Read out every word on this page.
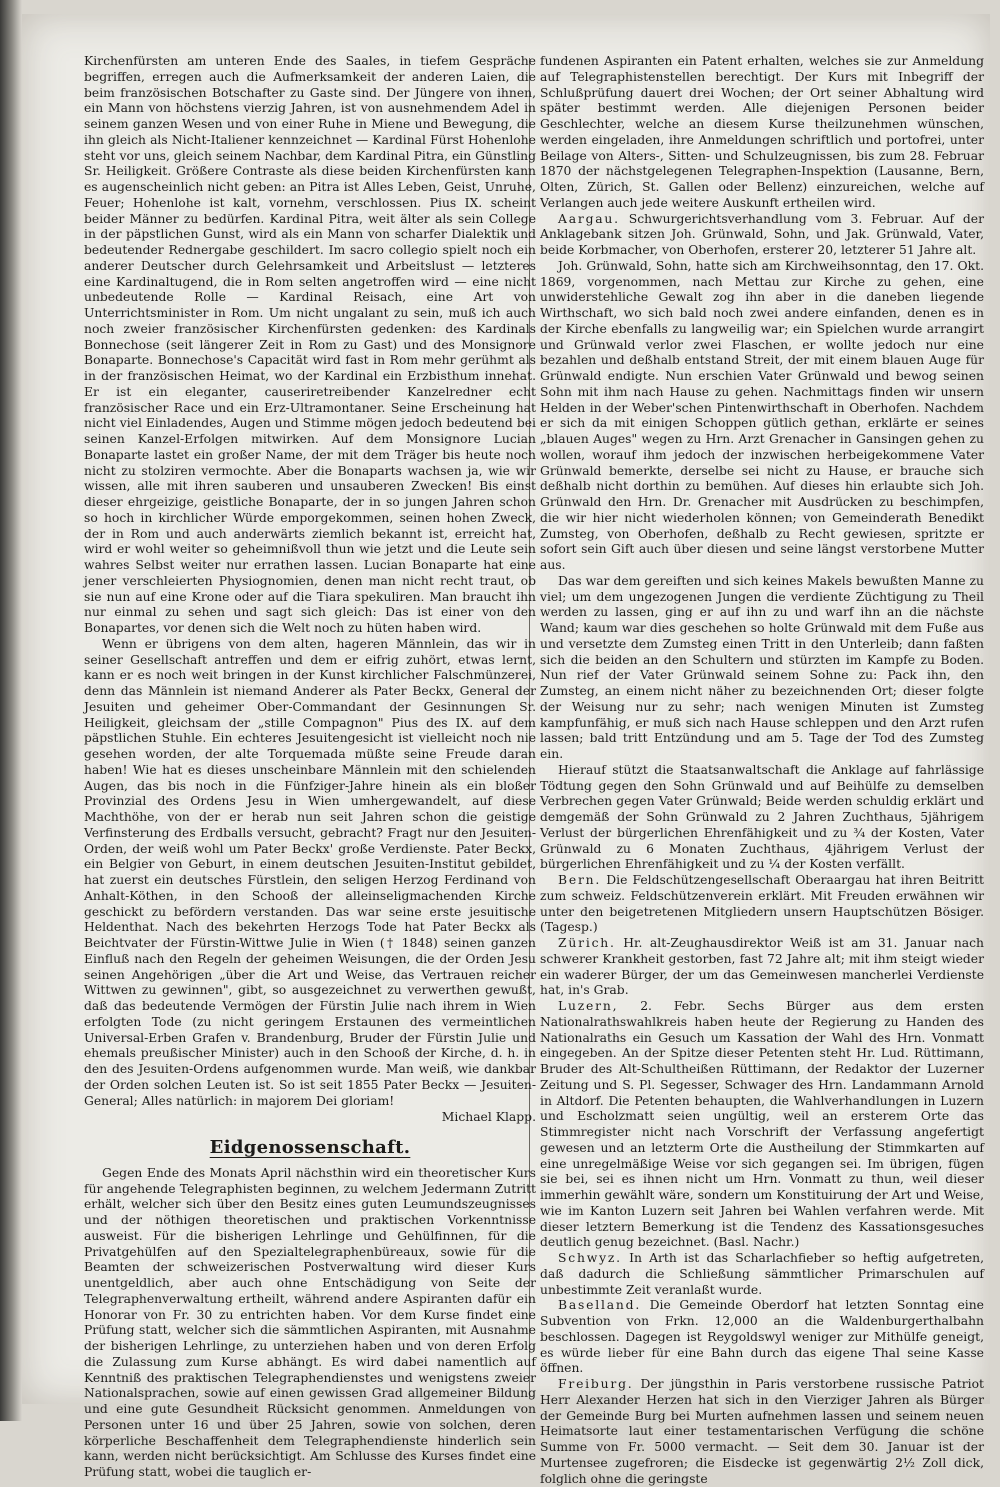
Kirchenfürsten am unteren Ende des Saales, in tiefem Gespräche begriffen, erregen auch die Aufmerksamkeit der anderen Laien, die beim französischen Botschafter zu Gaste sind. Der Jüngere von ihnen, ein Mann von höchstens vierzig Jahren, ist von ausnehmendem Adel in seinem ganzen Wesen und von einer Ruhe in Miene und Bewegung, die ihn gleich als Nicht-Italiener kennzeichnet — Kardinal Fürst Hohenlohe steht vor uns, gleich seinem Nachbar, dem Kardinal Pitra, ein Günstling Sr. Heiligkeit. Größere Contraste als diese beiden Kirchenfürsten kann es augenscheinlich nicht geben: an Pitra ist Alles Leben, Geist, Unruhe, Feuer; Hohenlohe ist kalt, vornehm, verschlossen. Pius IX. scheint beider Männer zu bedürfen. Kardinal Pitra, weit älter als sein College in der päpstlichen Gunst, wird als ein Mann von scharfer Dialektik und bedeutender Rednergabe geschildert. Im sacro collegio spielt noch ein anderer Deutscher durch Gelehrsamkeit und Arbeitslust — letzteres eine Kardinaltugend, die in Rom selten angetroffen wird — eine nicht unbedeutende Rolle — Kardinal Reisach, eine Art von Unterrichtsminister in Rom. Um nicht ungalant zu sein, muß ich auch noch zweier französischer Kirchenfürsten gedenken: des Kardinals Bonnechose (seit längerer Zeit in Rom zu Gast) und des Monsignore Bonaparte. Bonnechose's Capacität wird fast in Rom mehr gerühmt als in der französischen Heimat, wo der Kardinal ein Erzbisthum innehat. Er ist ein eleganter, causeriretreibender Kanzelredner echt französischer Race und ein Erz-Ultramontaner. Seine Erscheinung hat nicht viel Einladendes, Augen und Stimme mögen jedoch bedeutend bei seinen Kanzel-Erfolgen mitwirken. Auf dem Monsignore Lucian Bonaparte lastet ein großer Name, der mit dem Träger bis heute noch nicht zu stolziren vermochte. Aber die Bonaparts wachsen ja, wie wir wissen, alle mit ihren sauberen und unsauberen Zwecken! Bis einst dieser ehrgeizige, geistliche Bonaparte, der in so jungen Jahren schon so hoch in kirchlicher Würde emporgekommen, seinen hohen Zweck, der in Rom und auch anderwärts ziemlich bekannt ist, erreicht hat, wird er wohl weiter so geheimnißvoll thun wie jetzt und die Leute sein wahres Selbst weiter nur errathen lassen. Lucian Bonaparte hat eine jener verschleierten Physiognomien, denen man nicht recht traut, ob sie nun auf eine Krone oder auf die Tiara spekuliren. Man braucht ihn nur einmal zu sehen und sagt sich gleich: Das ist einer von den Bonapartes, vor denen sich die Welt noch zu hüten haben wird.

Wenn er übrigens von dem alten, hageren Männlein, das wir in seiner Gesellschaft antreffen und dem er eifrig zuhört, etwas lernt, kann er es noch weit bringen in der Kunst kirchlicher Falschmünzerei, denn das Männlein ist niemand Anderer als Pater Beckx, General der Jesuiten und geheimer Ober-Commandant der Gesinnungen Sr. Heiligkeit, gleichsam der „stille Compagnon" Pius des IX. auf dem päpstlichen Stuhle. Ein echteres Jesuitengesicht ist vielleicht noch nie gesehen worden, der alte Torquemada müßte seine Freude daran haben! Wie hat es dieses unscheinbare Männlein mit den schielenden Augen, das bis noch in die Fünfziger-Jahre hinein als ein bloßer Provinzial des Ordens Jesu in Wien umhergewandelt, auf diese Machthöhe, von der er herab nun seit Jahren schon die geistige Verfinsterung des Erdballs versucht, gebracht? Fragt nur den Jesuiten-Orden, der weiß wohl um Pater Beckx' große Verdienste. Pater Beckx, ein Belgier von Geburt, in einem deutschen Jesuiten-Institut gebildet, hat zuerst ein deutsches Fürstlein, den seligen Herzog Ferdinand von Anhalt-Köthen, in den Schooß der alleinseligmachenden Kirche geschickt zu befördern verstanden. Das war seine erste jesuitische Heldenthat. Nach des bekehrten Herzogs Tode hat Pater Beckx als Beichtvater der Fürstin-Wittwe Julie in Wien († 1848) seinen ganzen Einfluß nach den Regeln der geheimen Weisungen, die der Orden Jesu seinen Angehörigen „über die Art und Weise, das Vertrauen reicher Wittwen zu gewinnen", gibt, so ausgezeichnet zu verwerthen gewußt, daß das bedeutende Vermögen der Fürstin Julie nach ihrem in Wien erfolgten Tode (zu nicht geringem Erstaunen des vermeintlichen Universal-Erben Grafen v. Brandenburg, Bruder der Fürstin Julie und ehemals preußischer Minister) auch in den Schooß der Kirche, d. h. in den des Jesuiten-Ordens aufgenommen wurde. Man weiß, wie dankbar der Orden solchen Leuten ist. So ist seit 1855 Pater Beckx — Jesuiten-General; Alles natürlich: in majorem Dei gloriam!

Michael Klapp.

Eidgenossenschaft.

Gegen Ende des Monats April nächsthin wird ein theoretischer Kurs für angehende Telegraphisten beginnen, zu welchem Jedermann Zutritt erhält, welcher sich über den Besitz eines guten Leumundszeugnisses und der nöthigen theoretischen und praktischen Vorkenntnisse ausweist. Für die bisherigen Lehrlinge und Gehülfinnen, für die Privatgehülfen auf den Spezialtelegraphenbüreaux, sowie für die Beamten der schweizerischen Postverwaltung wird dieser Kurs unentgeldlich, aber auch ohne Entschädigung von Seite der Telegraphenverwaltung ertheilt, während andere Aspiranten dafür ein Honorar von Fr. 30 zu entrichten haben. Vor dem Kurse findet eine Prüfung statt, welcher sich die sämmtlichen Aspiranten, mit Ausnahme der bisherigen Lehrlinge, zu unterziehen haben und von deren Erfolg die Zulassung zum Kurse abhängt. Es wird dabei namentlich auf Kenntniß des praktischen Telegraphendienstes und wenigstens zweier Nationalsprachen, sowie auf einen gewissen Grad allgemeiner Bildung und eine gute Gesundheit Rücksicht genommen. Anmeldungen von Personen unter 16 und über 25 Jahren, sowie von solchen, deren körperliche Beschaffenheit dem Telegraphendienste hinderlich sein kann, werden nicht berücksichtigt. Am Schlusse des Kurses findet eine Prüfung statt, wobei die tauglich er-

fundenen Aspiranten ein Patent erhalten, welches sie zur Anmeldung auf Telegraphistenstellen berechtigt. Der Kurs mit Inbegriff der Schlußprüfung dauert drei Wochen; der Ort seiner Abhaltung wird später bestimmt werden. Alle diejenigen Personen beider Geschlechter, welche an diesem Kurse theilzunehmen wünschen, werden eingeladen, ihre Anmeldungen schriftlich und portofrei, unter Beilage von Alters-, Sitten- und Schulzeugnissen, bis zum 28. Februar 1870 der nächstgelegenen Telegraphen-Inspektion (Lausanne, Bern, Olten, Zürich, St. Gallen oder Bellenz) einzureichen, welche auf Verlangen auch jede weitere Auskunft ertheilen wird.

Aargau. Schwurgerichtsverhandlung vom 3. Februar. Auf der Anklagebank sitzen Joh. Grünwald, Sohn, und Jak. Grünwald, Vater, beide Korbmacher, von Oberhofen, ersterer 20, letzterer 51 Jahre alt.

Joh. Grünwald, Sohn, hatte sich am Kirchweihsonntag, den 17. Okt. 1869, vorgenommen, nach Mettau zur Kirche zu gehen, eine unwiderstehliche Gewalt zog ihn aber in die daneben liegende Wirthschaft, wo sich bald noch zwei andere einfanden, denen es in der Kirche ebenfalls zu langweilig war; ein Spielchen wurde arrangirt und Grünwald verlor zwei Flaschen, er wollte jedoch nur eine bezahlen und deßhalb entstand Streit, der mit einem blauen Auge für Grünwald endigte. Nun erschien Vater Grünwald und bewog seinen Sohn mit ihm nach Hause zu gehen. Nachmittags finden wir unsern Helden in der Weber'schen Pintenwirthschaft in Oberhofen. Nachdem er sich da mit einigen Schoppen gütlich gethan, erklärte er seines „blauen Auges" wegen zu Hrn. Arzt Grenacher in Gansingen gehen zu wollen, worauf ihm jedoch der inzwischen herbeigekommene Vater Grünwald bemerkte, derselbe sei nicht zu Hause, er brauche sich deßhalb nicht dorthin zu bemühen. Auf dieses hin erlaubte sich Joh. Grünwald den Hrn. Dr. Grenacher mit Ausdrücken zu beschimpfen, die wir hier nicht wiederholen können; von Gemeinderath Benedikt Zumsteg, von Oberhofen, deßhalb zu Recht gewiesen, spritzte er sofort sein Gift auch über diesen und seine längst verstorbene Mutter aus.

Das war dem gereiften und sich keines Makels bewußten Manne zu viel; um dem ungezogenen Jungen die verdiente Züchtigung zu Theil werden zu lassen, ging er auf ihn zu und warf ihn an die nächste Wand; kaum war dies geschehen so holte Grünwald mit dem Fuße aus und versetzte dem Zumsteg einen Tritt in den Unterleib; dann faßten sich die beiden an den Schultern und stürzten im Kampfe zu Boden. Nun rief der Vater Grünwald seinem Sohne zu: Pack ihn, den Zumsteg, an einem nicht näher zu bezeichnenden Ort; dieser folgte der Weisung nur zu sehr; nach wenigen Minuten ist Zumsteg kampfunfähig, er muß sich nach Hause schleppen und den Arzt rufen lassen; bald tritt Entzündung und am 5. Tage der Tod des Zumsteg ein.

Hierauf stützt die Staatsanwaltschaft die Anklage auf fahrlässige Tödtung gegen den Sohn Grünwald und auf Beihülfe zu demselben Verbrechen gegen Vater Grünwald; Beide werden schuldig erklärt und demgemäß der Sohn Grünwald zu 2 Jahren Zuchthaus, 5jährigem Verlust der bürgerlichen Ehrenfähigkeit und zu ¾ der Kosten, Vater Grünwald zu 6 Monaten Zuchthaus, 4jährigem Verlust der bürgerlichen Ehrenfähigkeit und zu ¼ der Kosten verfällt.

Bern. Die Feldschützengesellschaft Oberaargau hat ihren Beitritt zum schweiz. Feldschützenverein erklärt. Mit Freuden erwähnen wir unter den beigetretenen Mitgliedern unsern Hauptschützen Bösiger. (Tagesp.)

Zürich. Hr. alt-Zeughausdirektor Weiß ist am 31. Januar nach schwerer Krankheit gestorben, fast 72 Jahre alt; mit ihm steigt wieder ein waderer Bürger, der um das Gemeinwesen mancherlei Verdienste hat, in's Grab.

Luzern, 2. Febr. Sechs Bürger aus dem ersten Nationalrathswahlkreis haben heute der Regierung zu Handen des Nationalraths ein Gesuch um Kassation der Wahl des Hrn. Vonmatt eingegeben. An der Spitze dieser Petenten steht Hr. Lud. Rüttimann, Bruder des Alt-Schultheißen Rüttimann, der Redaktor der Luzerner Zeitung und S. Pl. Segesser, Schwager des Hrn. Landammann Arnold in Altdorf. Die Petenten behaupten, die Wahlverhandlungen in Luzern und Escholzmatt seien ungültig, weil an ersterem Orte das Stimmregister nicht nach Vorschrift der Verfassung angefertigt gewesen und an letzterm Orte die Austheilung der Stimmkarten auf eine unregelmäßige Weise vor sich gegangen sei. Im übrigen, fügen sie bei, sei es ihnen nicht um Hrn. Vonmatt zu thun, weil dieser immerhin gewählt wäre, sondern um Konstituirung der Art und Weise, wie im Kanton Luzern seit Jahren bei Wahlen verfahren werde. Mit dieser letztern Bemerkung ist die Tendenz des Kassationsgesuches deutlich genug bezeichnet. (Basl. Nachr.)

Schwyz. In Arth ist das Scharlachfieber so heftig aufgetreten, daß dadurch die Schließung sämmtlicher Primarschulen auf unbestimmte Zeit veranlaßt wurde.

Baselland. Die Gemeinde Oberdorf hat letzten Sonntag eine Subvention von Frkn. 12,000 an die Waldenburgerthalbahn beschlossen. Dagegen ist Reygoldswyl weniger zur Mithülfe geneigt, es würde lieber für eine Bahn durch das eigene Thal seine Kasse öffnen.

Freiburg. Der jüngsthin in Paris verstorbene russische Patriot Herr Alexander Herzen hat sich in den Vierziger Jahren als Bürger der Gemeinde Burg bei Murten aufnehmen lassen und seinem neuen Heimatsorte laut einer testamentarischen Verfügung die schöne Summe von Fr. 5000 vermacht. — Seit dem 30. Januar ist der Murtensee zugefroren; die Eisdecke ist gegenwärtig 2½ Zoll dick, folglich ohne die geringste
